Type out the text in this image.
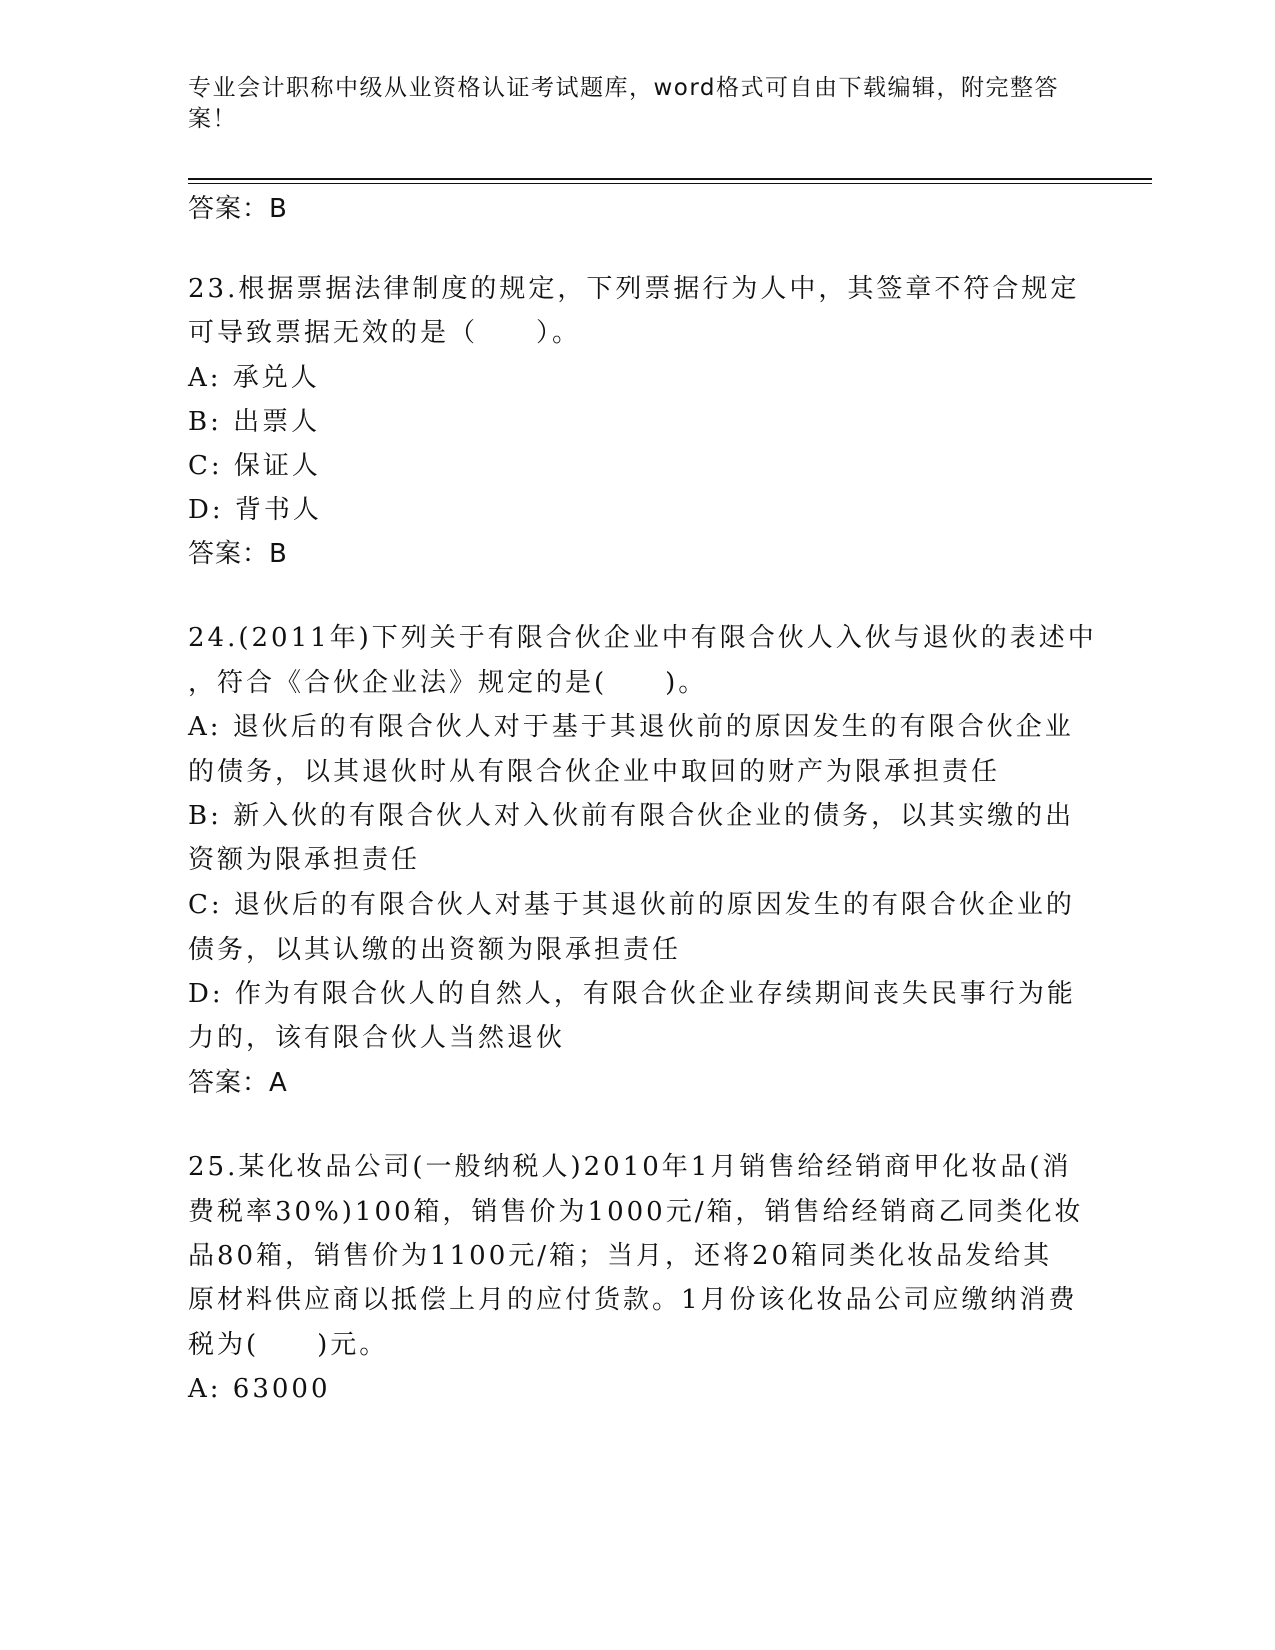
专业会计职称中级从业资格认证考试题库，word格式可自由下载编辑，附完整答案！
答案：B
23.根据票据法律制度的规定，下列票据行为人中，其签章不符合规定
可导致票据无效的是（　　）。
A: 承兑人
B: 出票人
C: 保证人
D: 背书人
答案：B
24.(2011年)下列关于有限合伙企业中有限合伙人入伙与退伙的表述中
，符合《合伙企业法》规定的是(　　)。
A: 退伙后的有限合伙人对于基于其退伙前的原因发生的有限合伙企业
的债务，以其退伙时从有限合伙企业中取回的财产为限承担责任
B: 新入伙的有限合伙人对入伙前有限合伙企业的债务，以其实缴的出
资额为限承担责任
C: 退伙后的有限合伙人对基于其退伙前的原因发生的有限合伙企业的
债务，以其认缴的出资额为限承担责任
D: 作为有限合伙人的自然人，有限合伙企业存续期间丧失民事行为能
力的，该有限合伙人当然退伙
答案：A
25.某化妆品公司(一般纳税人)2010年1月销售给经销商甲化妆品(消
费税率30%)100箱，销售价为1000元/箱，销售给经销商乙同类化妆
品80箱，销售价为1100元/箱；当月，还将20箱同类化妆品发给其
原材料供应商以抵偿上月的应付货款。1月份该化妆品公司应缴纳消费
税为(　　)元。
A: 63000
